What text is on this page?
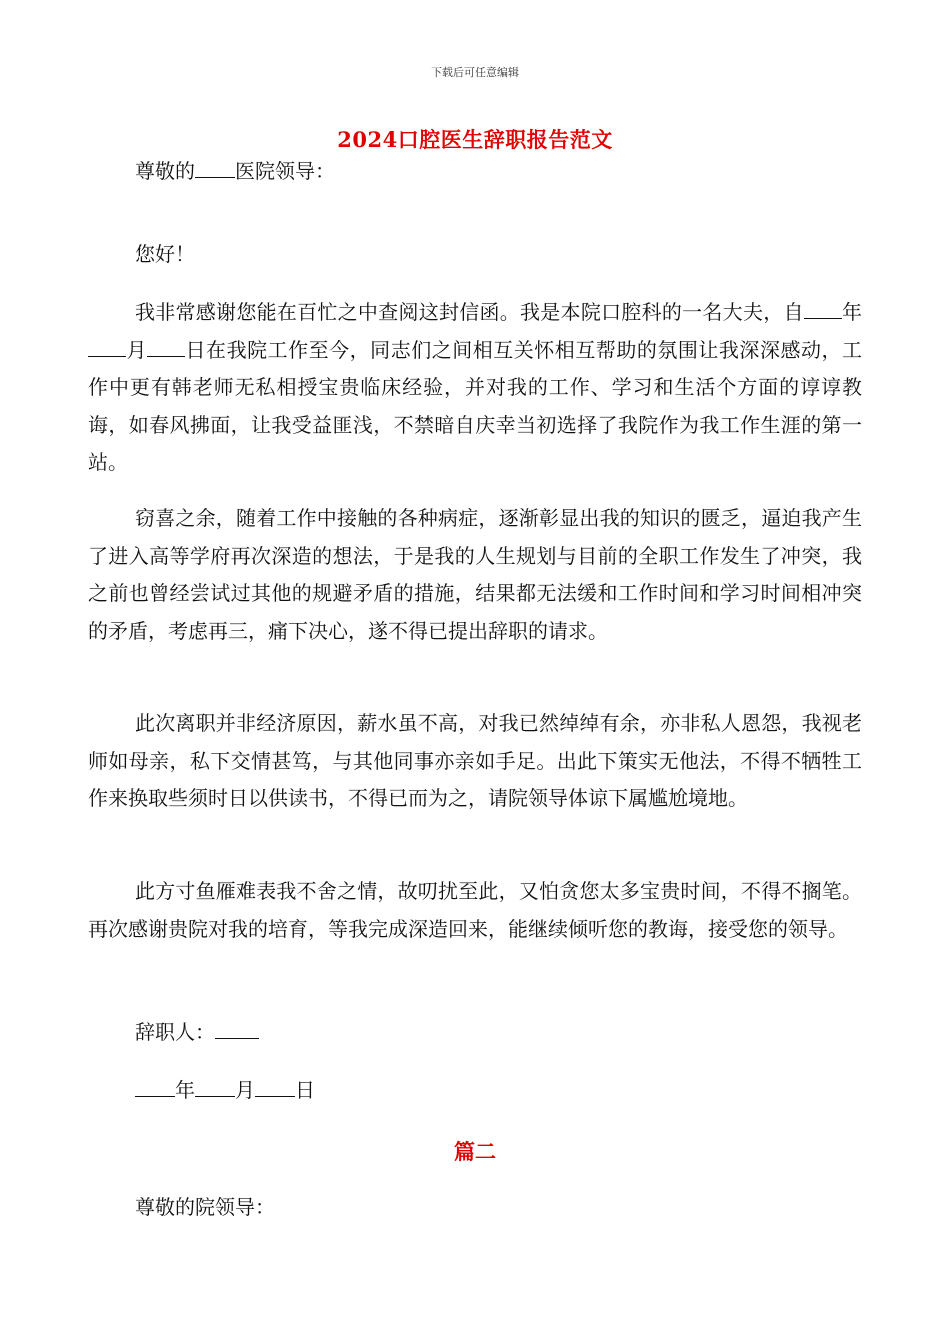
下载后可任意编辑
2024口腔医生辞职报告范文

尊敬的 医院领导：

您好！

我非常感谢您能在百忙之中查阅这封信函。我是本院口腔科的一名大夫，自 年月 日在我院工作至今，同志们之间相互关怀相互帮助的氛围让我深深感动，工作中更有韩老师无私相授宝贵临床经验，并对我的工作、学习和生活个方面的谆谆教诲，如春风拂面，让我受益匪浅，不禁暗自庆幸当初选择了我院作为我工作生涯的第一站。

窃喜之余，随着工作中接触的各种病症，逐渐彰显出我的知识的匮乏，逼迫我产生了进入高等学府再次深造的想法，于是我的人生规划与目前的全职工作发生了冲突，我之前也曾经尝试过其他的规避矛盾的措施，结果都无法缓和工作时间和学习时间相冲突的矛盾，考虑再三，痛下决心，遂不得已提出辞职的请求。

此次离职并非经济原因，薪水虽不高，对我已然绰绰有余，亦非私人恩怨，我视老师如母亲，私下交情甚笃，与其他同事亦亲如手足。出此下策实无他法，不得不牺牲工作来换取些须时日以供读书，不得已而为之，请院领导体谅下属尴尬境地。

此方寸鱼雁难表我不舍之情，故叨扰至此，又怕贪您太多宝贵时间，不得不搁笔。再次感谢贵院对我的培育，等我完成深造回来，能继续倾听您的教诲，接受您的领导。

辞职人：

年 月 日

篇二

尊敬的院领导：
